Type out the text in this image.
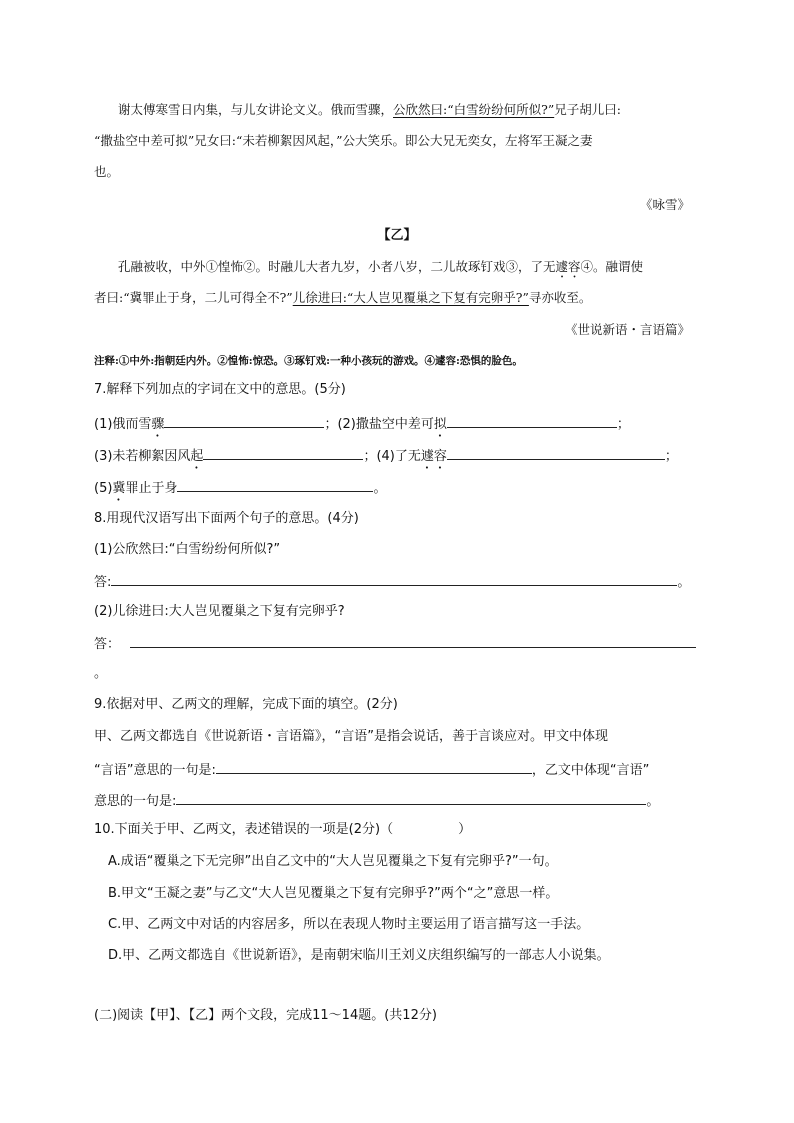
谢太傅寒雪日内集，与儿女讲论文义。俄而雪骤，公欣然曰:“白雪纷纷何所似?”兄子胡儿曰:
“撒盐空中差可拟”兄女曰:“未若柳絮因风起，”公大笑乐。即公大兄无奕女，左将军王凝之妻
也。
《咏雪》
【乙】
孔融被收，中外①惶怖②。时融儿大者九岁，小者八岁，二儿故琢钉戏③，了无遽容④。融谓使
者曰:“冀罪止于身，二儿可得全不?”儿徐进曰:“大人岂见覆巢之下复有完卵乎?”寻亦收至。
《世说新语・言语篇》
注释:①中外:指朝廷内外。②惶怖:惊恐。③琢钉戏:一种小孩玩的游戏。④遽容:恐惧的脸色。
7.解释下列加点的字词在文中的意思。(5分)
(1)俄而雪骤	；(2)撒盐空中差可拟	；
(3)未若柳絮因风起	；(4)了无遽容	；
(5)冀罪止于身	。
8.用现代汉语写出下面两个句子的意思。(4分)
(1)公欣然曰:“白雪纷纷何所似?”
答:	。
(2)儿徐进曰:大人岂见覆巢之下复有完卵乎?
答：
。
9.依据对甲、乙两文的理解，完成下面的填空。(2分)
甲、乙两文都选自《世说新语・言语篇》，“言语”是指会说话，善于言谈应对。甲文中体现
“言语”意思的一句是:	，乙文中体现“言语”
意思的一句是:	。
10.下面关于甲、乙两文，表述错误的一项是(2分)（　　　　　）
A.成语“覆巢之下无完卵”出自乙文中的“大人岂见覆巢之下复有完卵乎?”一句。
B.甲文“王凝之妻”与乙文“大人岂见覆巢之下复有完卵乎?”两个“之”意思一样。
C.甲、乙两文中对话的内容居多，所以在表现人物时主要运用了语言描写这一手法。
D.甲、乙两文都选自《世说新语》，是南朝宋临川王刘义庆组织编写的一部志人小说集。
(二)阅读【甲】、【乙】两个文段，完成11～14题。(共12分)
